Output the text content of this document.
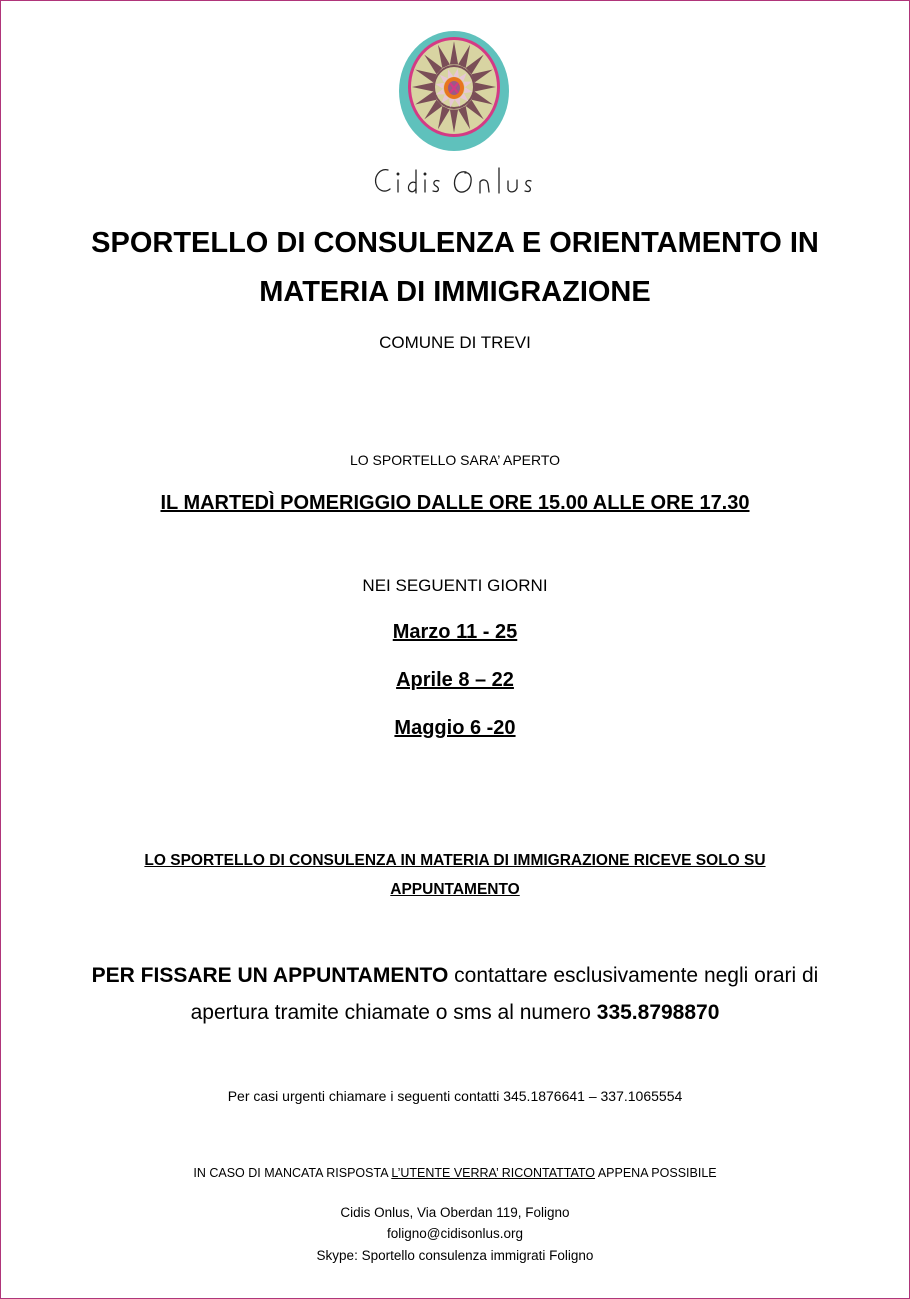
SPORTELLO DI CONSULENZA E ORIENTAMENTO IN
MATERIA DI IMMIGRAZIONE
COMUNE DI TREVI
LO SPORTELLO SARA’ APERTO
IL MARTEDÌ POMERIGGIO DALLE ORE 15.00 ALLE ORE 17.30
NEI SEGUENTI GIORNI
Marzo 11 - 25
Aprile 8 – 22
Maggio 6 -20
LO SPORTELLO DI CONSULENZA IN MATERIA DI IMMIGRAZIONE RICEVE SOLO SU
APPUNTAMENTO
PER FISSARE UN APPUNTAMENTO contattare esclusivamente negli orari di
apertura tramite chiamate o sms al numero 335.8798870
Per casi urgenti chiamare i seguenti contatti 345.1876641 – 337.1065554
IN CASO DI MANCATA RISPOSTA L’UTENTE VERRA’ RICONTATTATO APPENA POSSIBILE
Cidis Onlus, Via Oberdan 119, Foligno
foligno@cidisonlus.org
Skype: Sportello consulenza immigrati Foligno
